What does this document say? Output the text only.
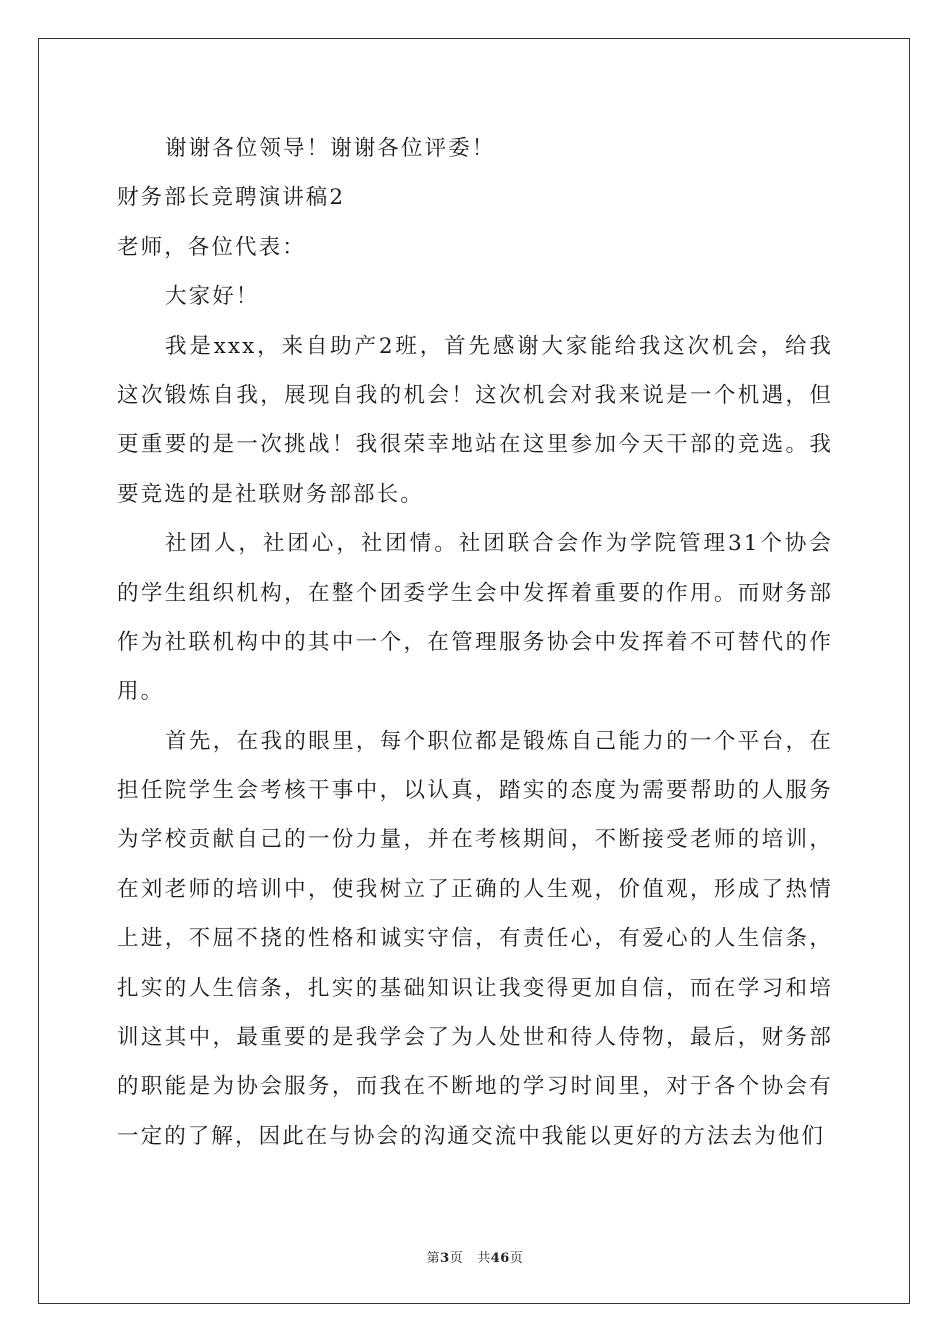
谢谢各位领导！谢谢各位评委！
财务部长竞聘演讲稿2
老师，各位代表：
大家好！
我是xxx，来自助产2班，首先感谢大家能给我这次机会，给我
这次锻炼自我，展现自我的机会！这次机会对我来说是一个机遇，但
更重要的是一次挑战！我很荣幸地站在这里参加今天干部的竞选。我
要竞选的是社联财务部部长。
社团人，社团心，社团情。社团联合会作为学院管理31个协会
的学生组织机构，在整个团委学生会中发挥着重要的作用。而财务部
作为社联机构中的其中一个，在管理服务协会中发挥着不可替代的作
用。
首先，在我的眼里，每个职位都是锻炼自己能力的一个平台，在
担任院学生会考核干事中，以认真，踏实的态度为需要帮助的人服务
为学校贡献自己的一份力量，并在考核期间，不断接受老师的培训，
在刘老师的培训中，使我树立了正确的人生观，价值观，形成了热情
上进，不屈不挠的性格和诚实守信，有责任心，有爱心的人生信条，
扎实的人生信条，扎实的基础知识让我变得更加自信，而在学习和培
训这其中，最重要的是我学会了为人处世和待人侍物，最后，财务部
的职能是为协会服务，而我在不断地的学习时间里，对于各个协会有
一定的了解，因此在与协会的沟通交流中我能以更好的方法去为他们
第3页 共46页
